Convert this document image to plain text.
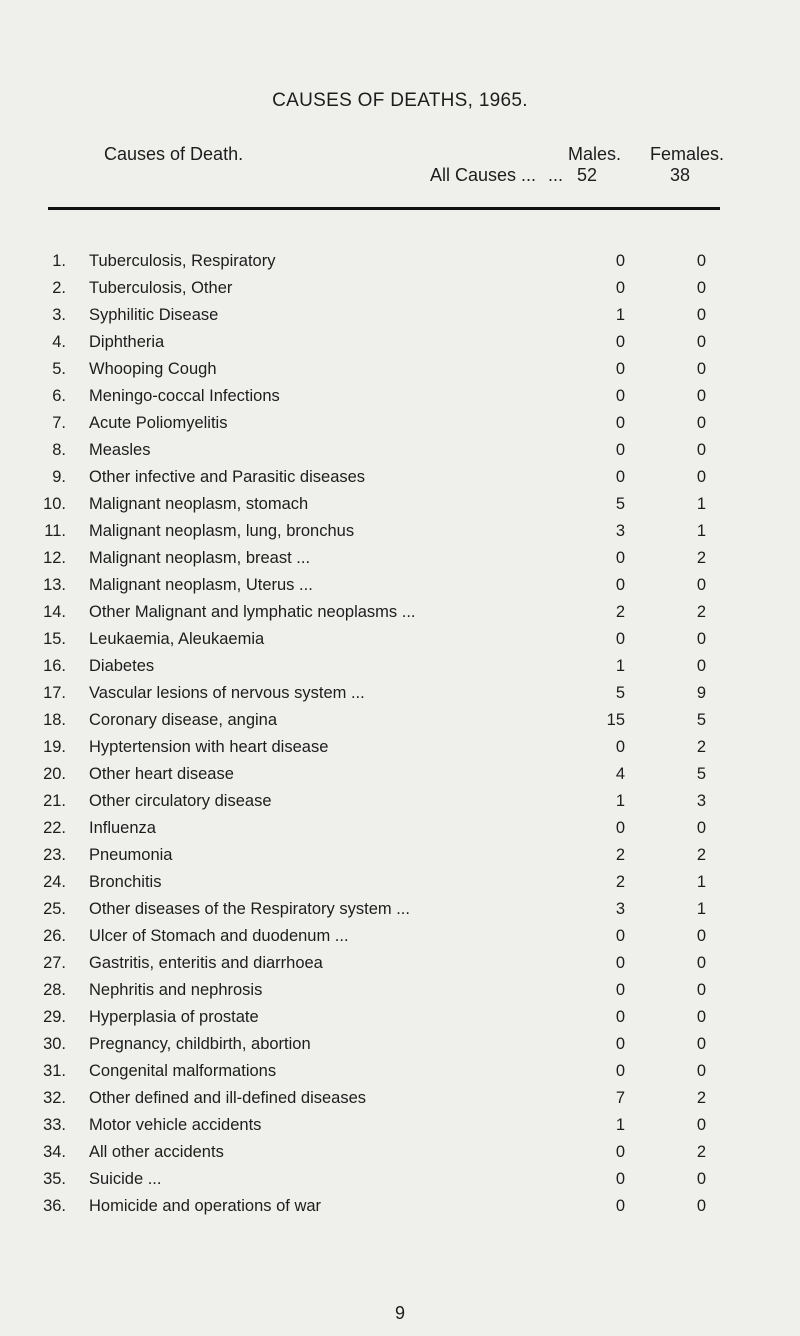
CAUSES OF DEATHS, 1965.
Causes of Death.	Males. Females.
All Causes ... ... 52	38
1. Tuberculosis, Respiratory	0	0
2. Tuberculosis, Other	0	0
3. Syphilitic Disease	1	0
4. Diphtheria	0	0
5. Whooping Cough	0	0
6. Meningo-coccal Infections	0	0
7. Acute Poliomyelitis	0	0
8. Measles	0	0
9. Other infective and Parasitic diseases	0	0
10. Malignant neoplasm, stomach	5	1
11. Malignant neoplasm, lung, bronchus	3	1
12. Malignant neoplasm, breast ...	0	2
13. Malignant neoplasm, Uterus ...	0	0
14. Other Malignant and lymphatic neoplasms ...	2	2
15. Leukaemia, Aleukaemia	0	0
16. Diabetes	1	0
17. Vascular lesions of nervous system ...	5	9
18. Coronary disease, angina	15	5
19. Hyptertension with heart disease	0	2
20. Other heart disease	4	5
21. Other circulatory disease	1	3
22. Influenza	0	0
23. Pneumonia	2	2
24. Bronchitis	2	1
25. Other diseases of the Respiratory system ...	3	1
26. Ulcer of Stomach and duodenum ...	0	0
27. Gastritis, enteritis and diarrhoea	0	0
28. Nephritis and nephrosis	0	0
29. Hyperplasia of prostate	0	0
30. Pregnancy, childbirth, abortion	0	0
31. Congenital malformations	0	0
32. Other defined and ill-defined diseases	7	2
33. Motor vehicle accidents	1	0
34. All other accidents	0	2
35. Suicide ...	0	0
36. Homicide and operations of war	0	0
9
